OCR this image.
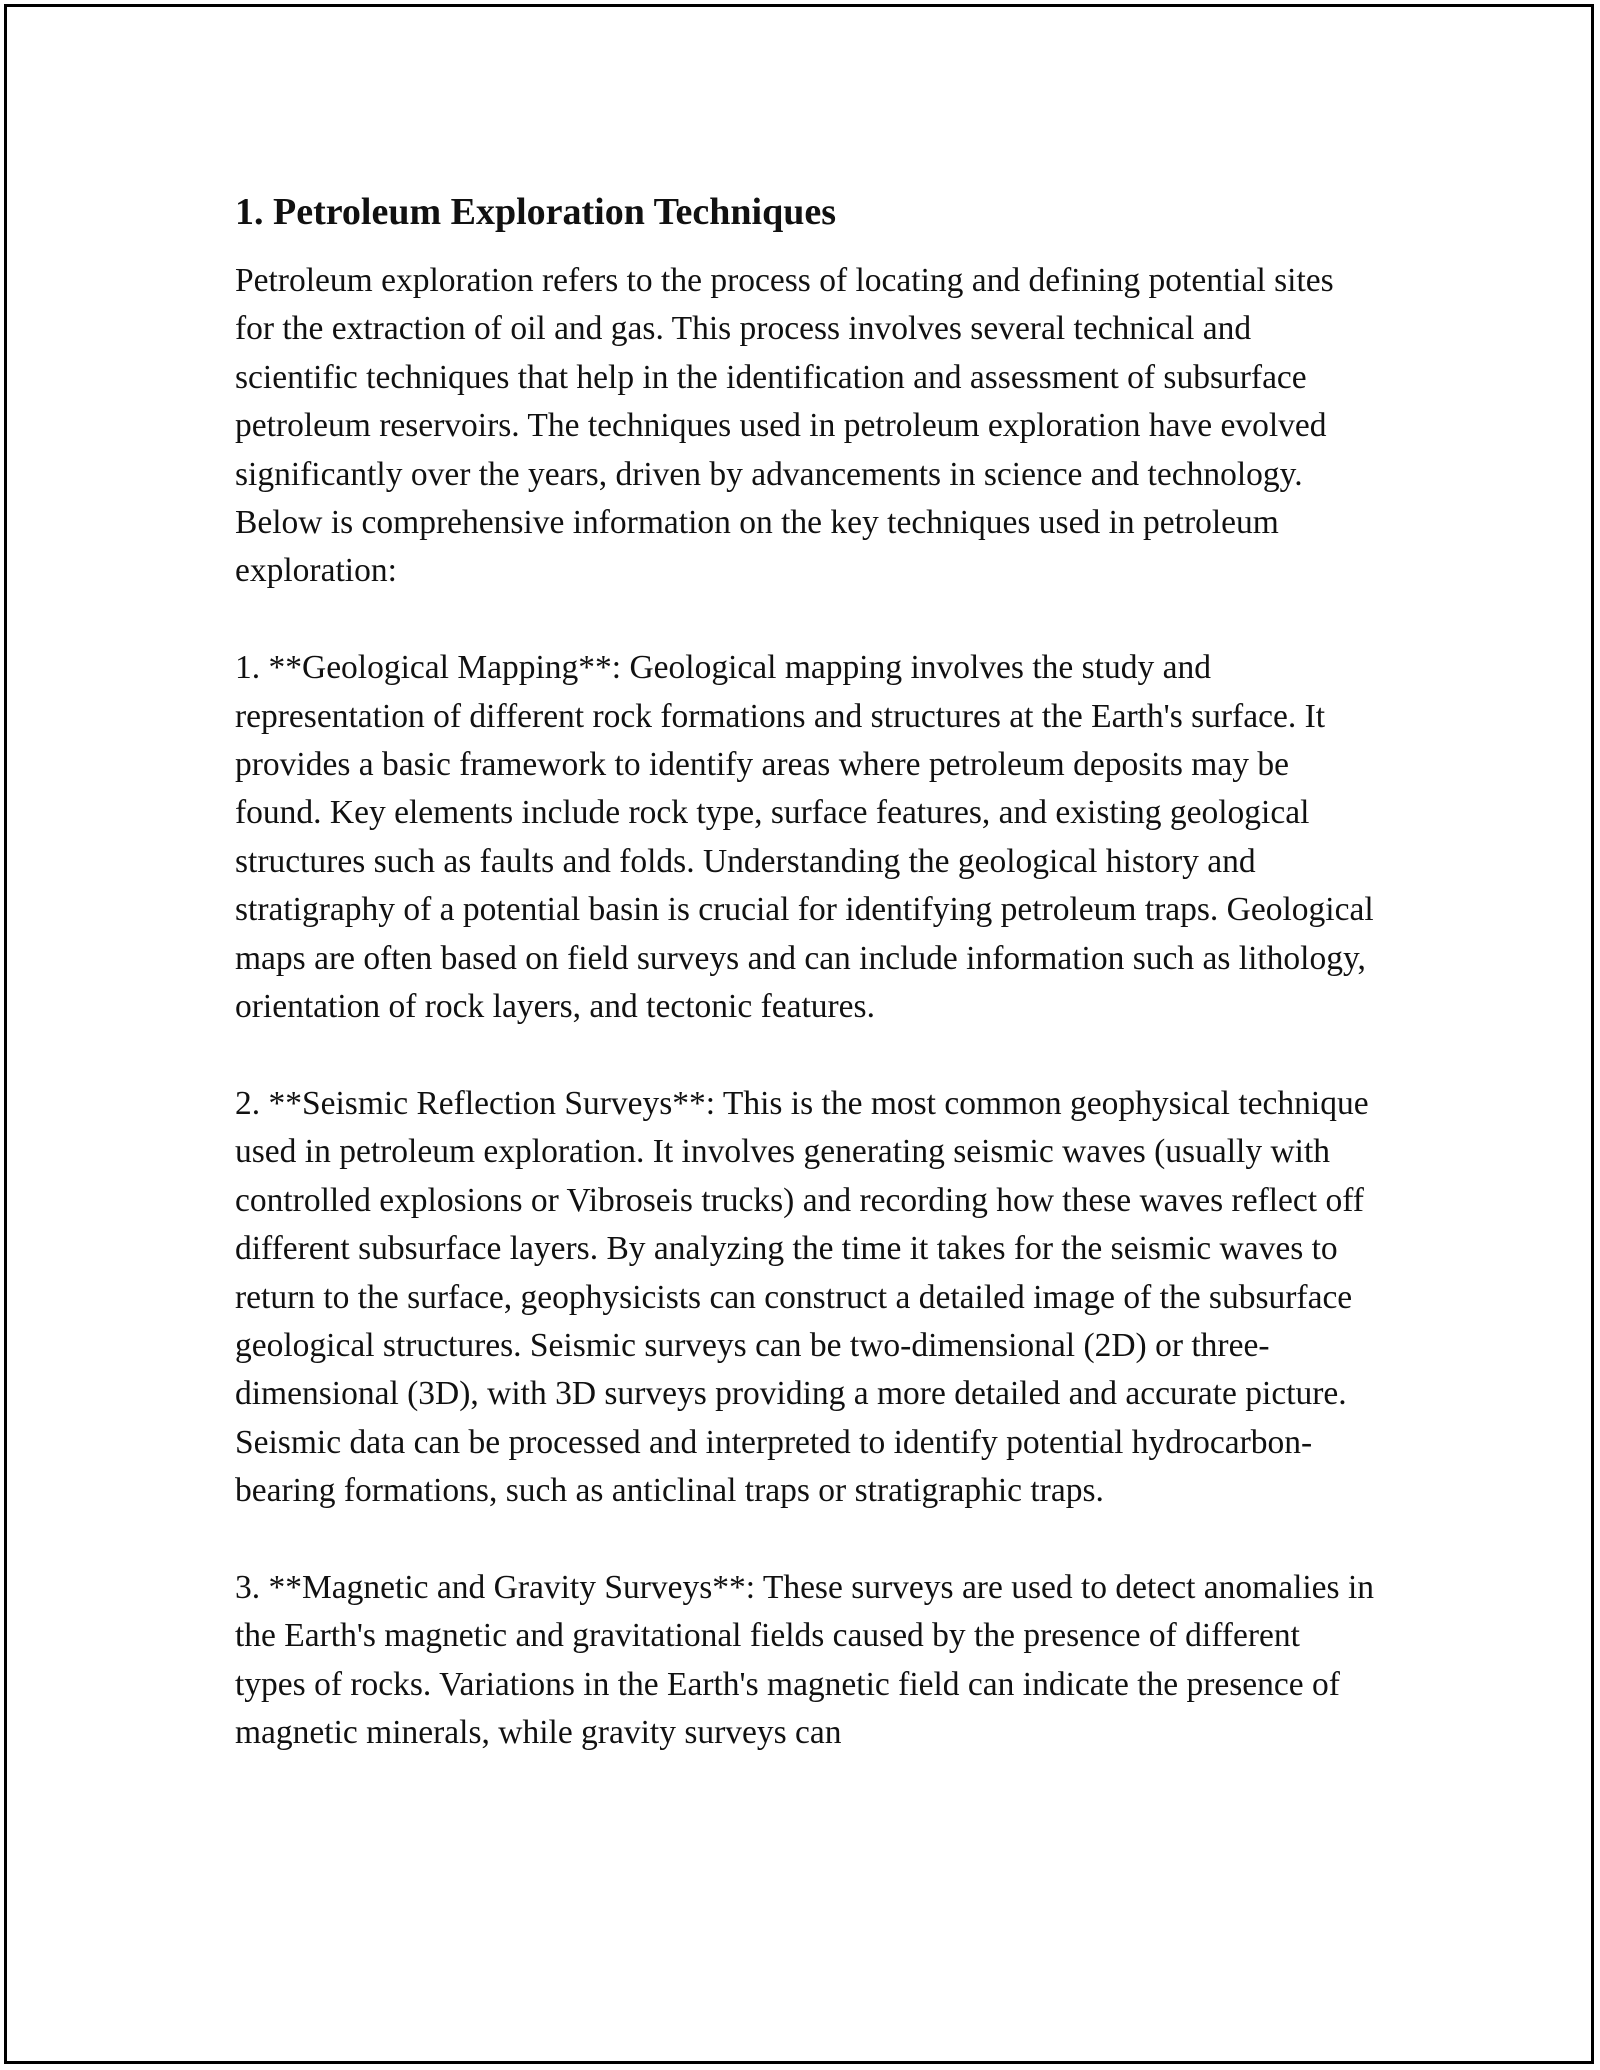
1. Petroleum Exploration Techniques

Petroleum exploration refers to the process of locating and defining potential sites for the extraction of oil and gas. This process involves several technical and scientific techniques that help in the identification and assessment of subsurface petroleum reservoirs. The techniques used in petroleum exploration have evolved significantly over the years, driven by advancements in science and technology. Below is comprehensive information on the key techniques used in petroleum exploration:

1. **Geological Mapping**: Geological mapping involves the study and representation of different rock formations and structures at the Earth's surface. It provides a basic framework to identify areas where petroleum deposits may be found. Key elements include rock type, surface features, and existing geological structures such as faults and folds. Understanding the geological history and stratigraphy of a potential basin is crucial for identifying petroleum traps. Geological maps are often based on field surveys and can include information such as lithology, orientation of rock layers, and tectonic features.

2. **Seismic Reflection Surveys**: This is the most common geophysical technique used in petroleum exploration. It involves generating seismic waves (usually with controlled explosions or Vibroseis trucks) and recording how these waves reflect off different subsurface layers. By analyzing the time it takes for the seismic waves to return to the surface, geophysicists can construct a detailed image of the subsurface geological structures. Seismic surveys can be two-dimensional (2D) or three-dimensional (3D), with 3D surveys providing a more detailed and accurate picture. Seismic data can be processed and interpreted to identify potential hydrocarbon-bearing formations, such as anticlinal traps or stratigraphic traps.

3. **Magnetic and Gravity Surveys**: These surveys are used to detect anomalies in the Earth's magnetic and gravitational fields caused by the presence of different types of rocks. Variations in the Earth's magnetic field can indicate the presence of magnetic minerals, while gravity surveys can
